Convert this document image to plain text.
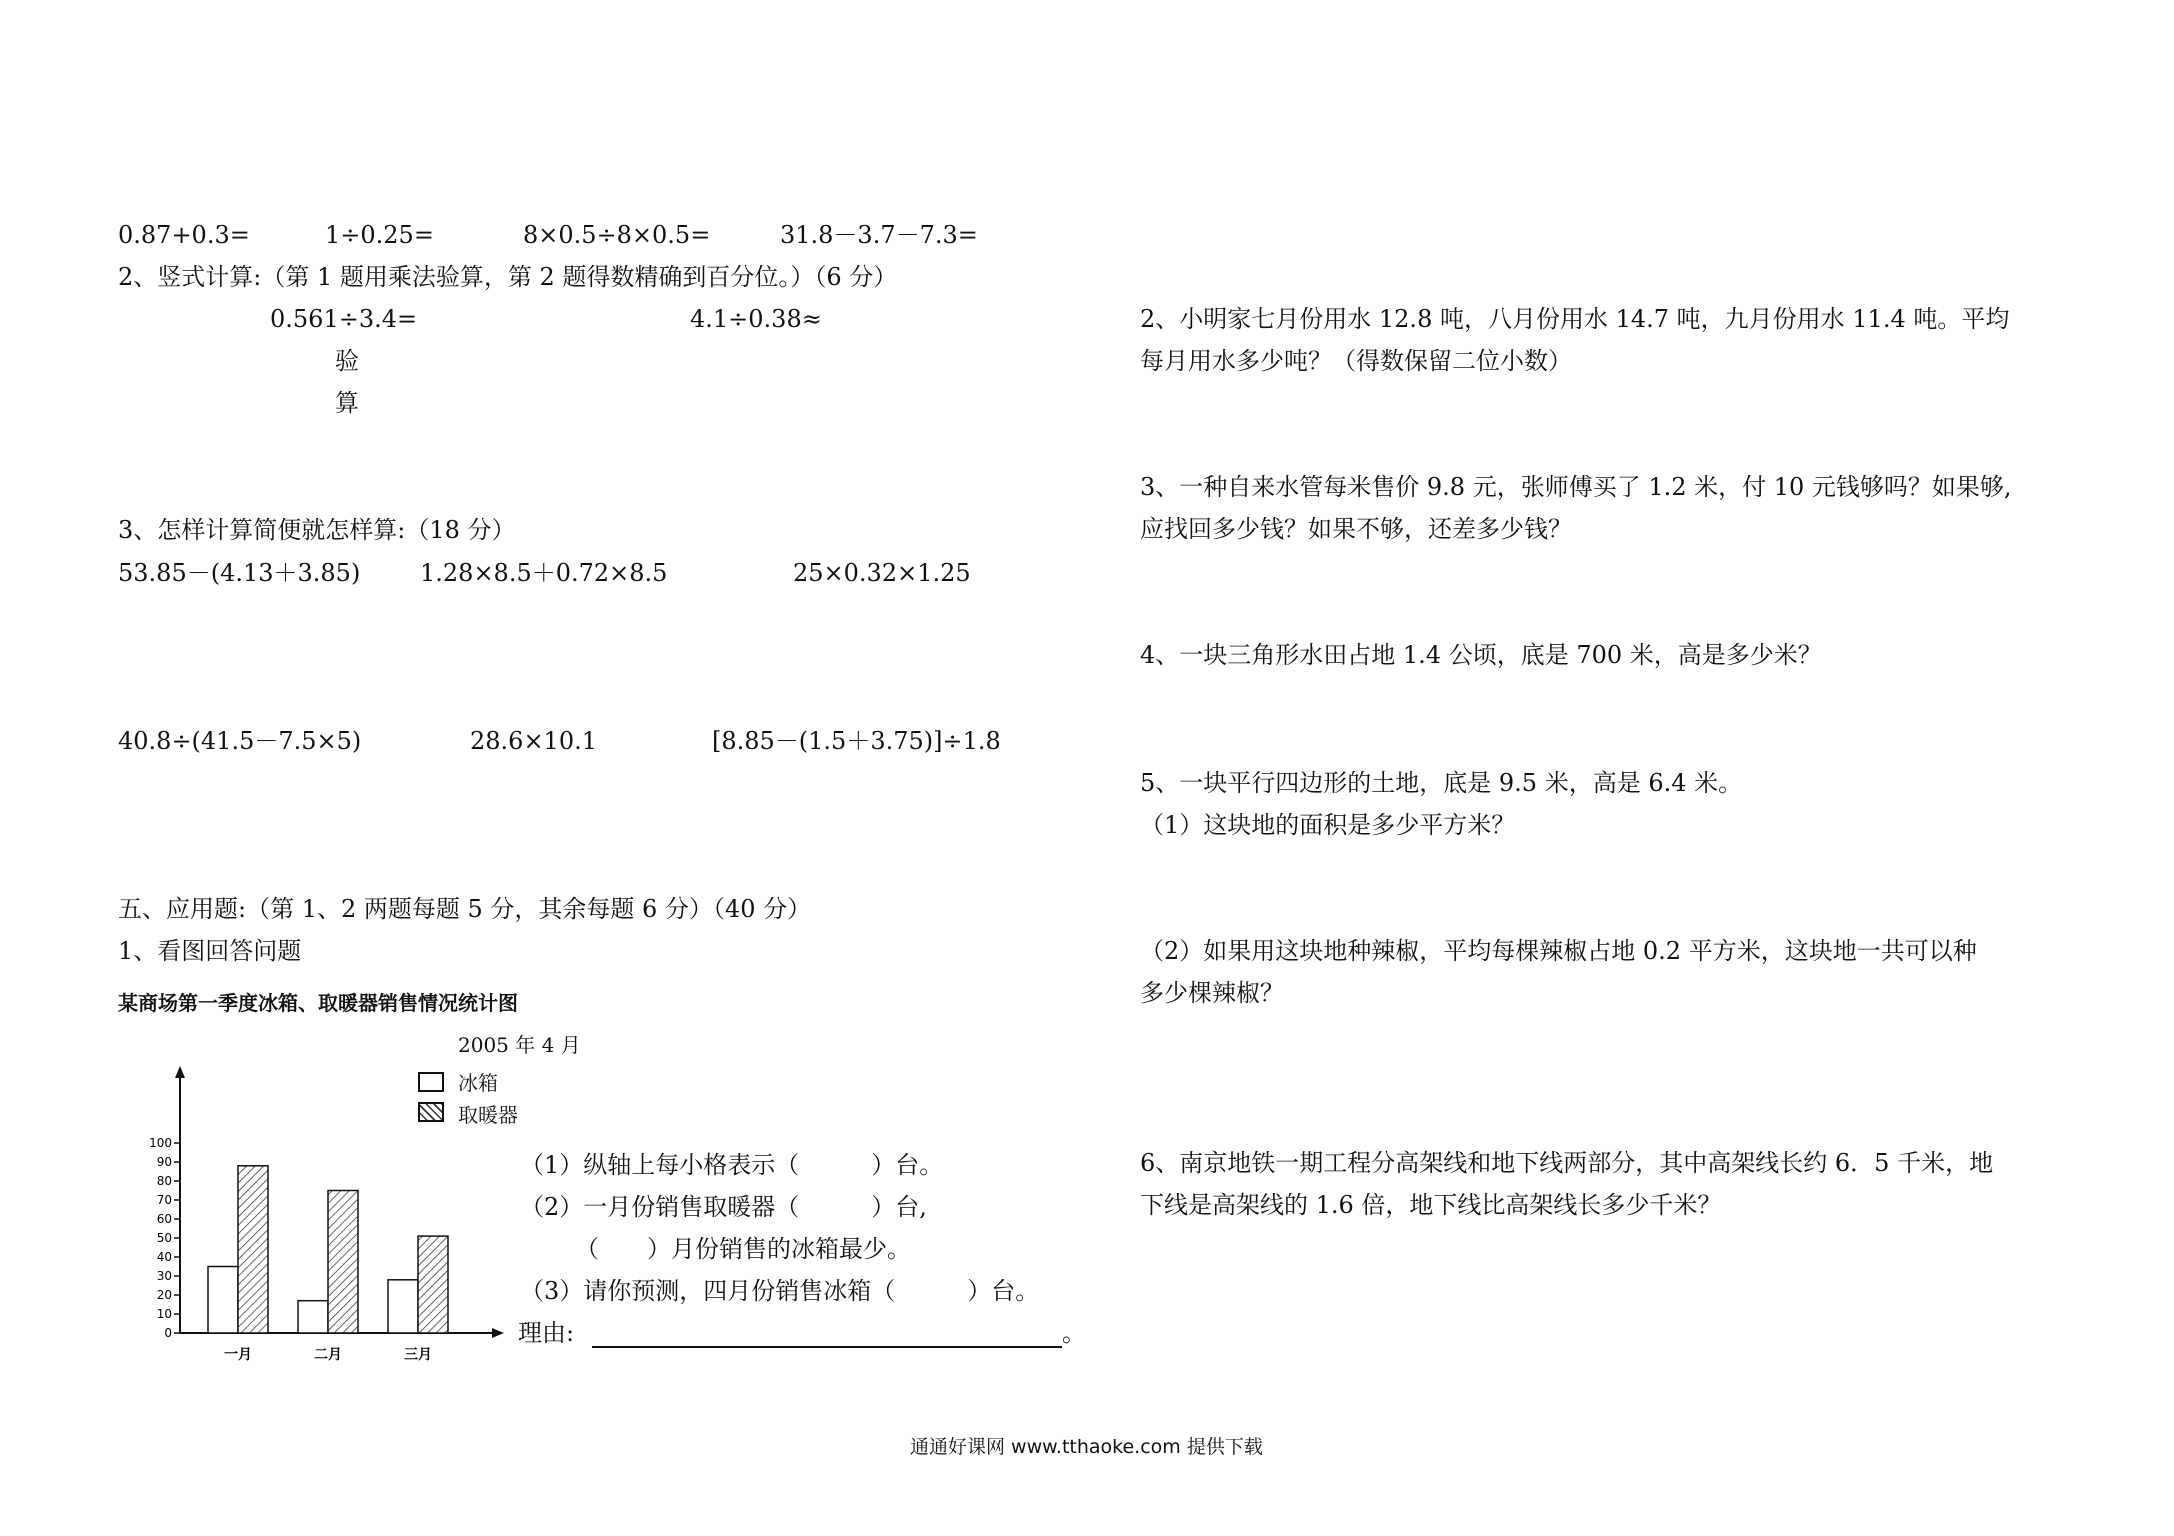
0.87+0.3=	1÷0.25=	8×0.5÷8×0.5=	31.8－3.7－7.3=
2、竖式计算:（第 1 题用乘法验算，第 2 题得数精确到百分位。）（6 分）
0.561÷3.4=	4.1÷0.38≈
验
算
3、怎样计算简便就怎样算:（18 分）
53.85－(4.13＋3.85) 1.28×8.5＋0.72×8.5	25×0.32×1.25
40.8÷(41.5－7.5×5)	28.6×10.1	[8.85－(1.5＋3.75)]÷1.8
五、应用题:（第 1、2 两题每题 5 分，其余每题 6 分）（40 分）
1、看图回答问题
某商场第一季度冰箱、取暖器销售情况统计图
2005 年 4 月
冰箱
取暖器
0
10
20
30
40
50
60
70
80
90
100
一月	二月	三月
（1）纵轴上每小格表示（　　　）台。
（2）一月份销售取暖器（　　　）台,
（　　）月份销售的冰箱最少。
（3）请你预测，四月份销售冰箱（　　　）台。
理由:	。
2、小明家七月份用水 12.8 吨，八月份用水 14.7 吨，九月份用水 11.4 吨。平均
每月用水多少吨？（得数保留二位小数）
3、一种自来水管每米售价 9.8 元，张师傅买了 1.2 米，付 10 元钱够吗？如果够,
应找回多少钱？如果不够，还差多少钱？
4、一块三角形水田占地 1.4 公顷，底是 700 米，高是多少米？
5、一块平行四边形的土地，底是 9.5 米，高是 6.4 米。
（1）这块地的面积是多少平方米？
（2）如果用这块地种辣椒，平均每棵辣椒占地 0.2 平方米，这块地一共可以种
多少棵辣椒？
6、南京地铁一期工程分高架线和地下线两部分，其中高架线长约 6．5 千米，地
下线是高架线的 1.6 倍，地下线比高架线长多少千米？
通通好课网 www.tthaoke.com 提供下载
